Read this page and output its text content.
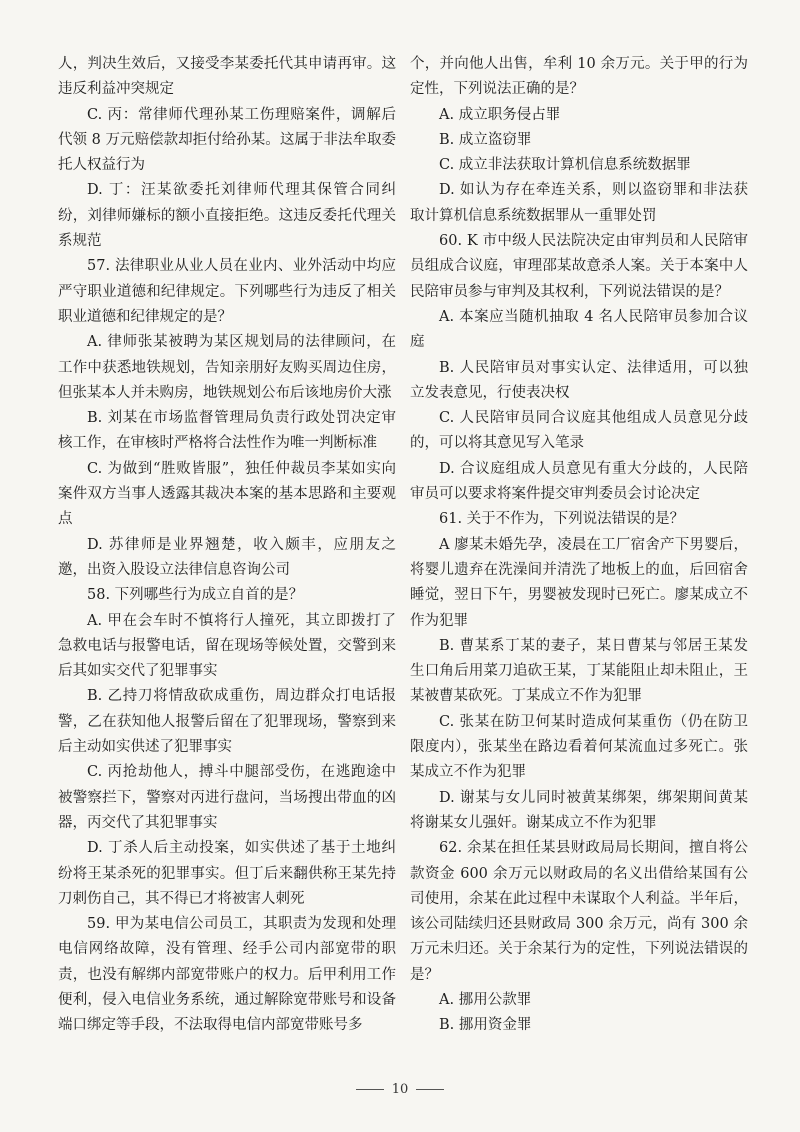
人，判决生效后，又接受李某委托代其申请再审。这违反利益冲突规定

C. 丙：常律师代理孙某工伤理赔案件，调解后代领 8 万元赔偿款却拒付给孙某。这属于非法牟取委托人权益行为

D. 丁：汪某欲委托刘律师代理其保管合同纠纷，刘律师嫌标的额小直接拒绝。这违反委托代理关系规范

57. 法律职业从业人员在业内、业外活动中均应严守职业道德和纪律规定。下列哪些行为违反了相关职业道德和纪律规定的是？

A. 律师张某被聘为某区规划局的法律顾问，在工作中获悉地铁规划，告知亲朋好友购买周边住房，但张某本人并未购房，地铁规划公布后该地房价大涨

B. 刘某在市场监督管理局负责行政处罚决定审核工作，在审核时严格将合法性作为唯一判断标准

C. 为做到“胜败皆服”，独任仲裁员李某如实向案件双方当事人透露其裁决本案的基本思路和主要观点

D. 苏律师是业界翘楚，收入颇丰，应朋友之邀，出资入股设立法律信息咨询公司

58. 下列哪些行为成立自首的是？

A. 甲在会车时不慎将行人撞死，其立即拨打了急救电话与报警电话，留在现场等候处置，交警到来后其如实交代了犯罪事实

B. 乙持刀将情敌砍成重伤，周边群众打电话报警，乙在获知他人报警后留在了犯罪现场，警察到来后主动如实供述了犯罪事实

C. 丙抢劫他人，搏斗中腿部受伤，在逃跑途中被警察拦下，警察对丙进行盘问，当场搜出带血的凶器，丙交代了其犯罪事实

D. 丁杀人后主动投案，如实供述了基于土地纠纷将王某杀死的犯罪事实。但丁后来翻供称王某先持刀刺伤自己，其不得已才将被害人刺死

59. 甲为某电信公司员工，其职责为发现和处理电信网络故障，没有管理、经手公司内部宽带的职责，也没有解绑内部宽带账户的权力。后甲利用工作便利，侵入电信业务系统，通过解除宽带账号和设备端口绑定等手段，不法取得电信内部宽带账号多

个，并向他人出售，牟利 10 余万元。关于甲的行为定性，下列说法正确的是？

A. 成立职务侵占罪

B. 成立盗窃罪

C. 成立非法获取计算机信息系统数据罪

D. 如认为存在牵连关系，则以盗窃罪和非法获取计算机信息系统数据罪从一重罪处罚

60. K 市中级人民法院决定由审判员和人民陪审员组成合议庭，审理邵某故意杀人案。关于本案中人民陪审员参与审判及其权利，下列说法错误的是？

A. 本案应当随机抽取 4 名人民陪审员参加合议庭

B. 人民陪审员对事实认定、法律适用，可以独立发表意见，行使表决权

C. 人民陪审员同合议庭其他组成人员意见分歧的，可以将其意见写入笔录

D. 合议庭组成人员意见有重大分歧的，人民陪审员可以要求将案件提交审判委员会讨论决定

61. 关于不作为，下列说法错误的是？

A 廖某未婚先孕，凌晨在工厂宿舍产下男婴后，将婴儿遗弃在洗澡间并清洗了地板上的血，后回宿舍睡觉，翌日下午，男婴被发现时已死亡。廖某成立不作为犯罪

B. 曹某系丁某的妻子，某日曹某与邻居王某发生口角后用菜刀追砍王某，丁某能阻止却未阻止，王某被曹某砍死。丁某成立不作为犯罪

C. 张某在防卫何某时造成何某重伤（仍在防卫限度内），张某坐在路边看着何某流血过多死亡。张某成立不作为犯罪

D. 谢某与女儿同时被黄某绑架，绑架期间黄某将谢某女儿强奸。谢某成立不作为犯罪

62. 余某在担任某县财政局局长期间，擅自将公款资金 600 余万元以财政局的名义出借给某国有公司使用，余某在此过程中未谋取个人利益。半年后，该公司陆续归还县财政局 300 余万元，尚有 300 余万元未归还。关于余某行为的定性，下列说法错误的是？

A. 挪用公款罪

B. 挪用资金罪

10
